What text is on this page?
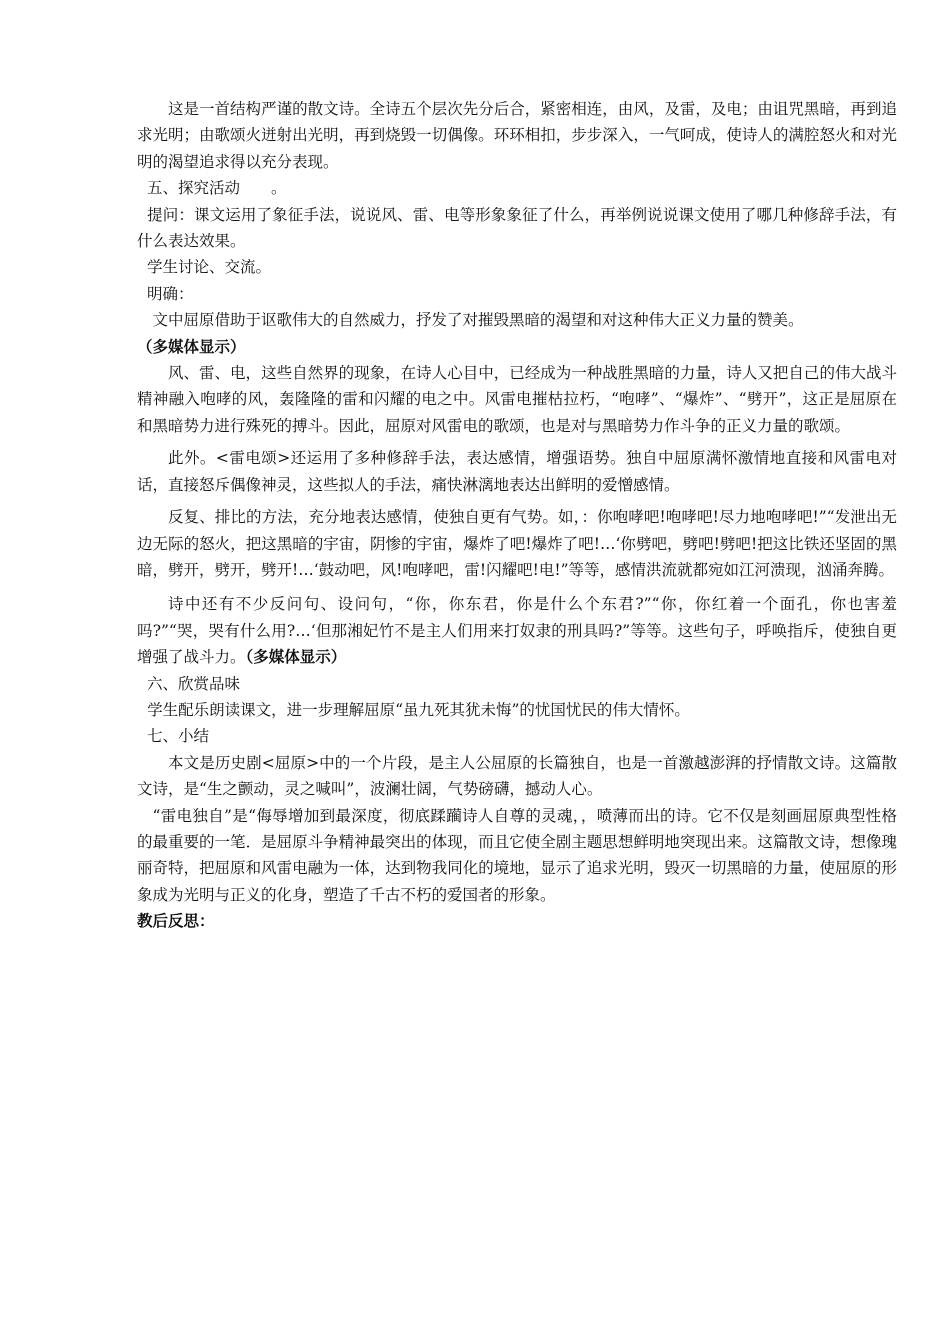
这是一首结构严谨的散文诗。全诗五个层次先分后合，紧密相连，由风，及雷，及电；由诅咒黑暗，再到追求光明；由歌颂火迸射出光明，再到烧毁一切偶像。环环相扣，步步深入，一气呵成，使诗人的满腔怒火和对光明的渴望追求得以充分表现。

五、探究活动　　。

提问：课文运用了象征手法，说说风、雷、电等形象象征了什么，再举例说说课文使用了哪几种修辞手法，有什么表达效果。

学生讨论、交流。

明确：

文中屈原借助于讴歌伟大的自然威力，抒发了对摧毁黑暗的渴望和对这种伟大正义力量的赞美。

（多媒体显示）

风、雷、电，这些自然界的现象，在诗人心目中，已经成为一种战胜黑暗的力量，诗人又把自己的伟大战斗精神融入咆哮的风，轰隆隆的雷和闪耀的电之中。风雷电摧枯拉朽，“咆哮”、“爆炸”、“劈开”，这正是屈原在和黑暗势力进行殊死的搏斗。因此，屈原对风雷电的歌颂，也是对与黑暗势力作斗争的正义力量的歌颂。

此外。<雷电颂>还运用了多种修辞手法，表达感情，增强语势。独自中屈原满怀激情地直接和风雷电对话，直接怒斥偶像神灵，这些拟人的手法，痛快淋漓地表达出鲜明的爱憎感情。

反复、排比的方法，充分地表达感情，使独自更有气势。如，：你咆哮吧!咆哮吧!尽力地咆哮吧!”“发泄出无边无际的怒火，把这黑暗的宇宙，阴惨的宇宙，爆炸了吧!爆炸了吧!…‘你劈吧，劈吧!劈吧!把这比铁还坚固的黑暗，劈开，劈开，劈开!…‘鼓动吧，风!咆哮吧，雷!闪耀吧!电!”等等，感情洪流就都宛如江河溃现，汹涌奔腾。

诗中还有不少反问句、设问句，“你，你东君，你是什么个东君?”“你，你红着一个面孔，你也害羞吗?”“哭，哭有什么用?…‘但那湘妃竹不是主人们用来打奴隶的刑具吗?”等等。这些句子，呼唤指斥，使独自更增强了战斗力。（多媒体显示）

六、欣赏品味

学生配乐朗读课文，进一步理解屈原“虽九死其犹未悔”的忧国忧民的伟大情怀。

七、小结

本文是历史剧<屈原>中的一个片段，是主人公屈原的长篇独自，也是一首激越澎湃的抒情散文诗。这篇散文诗，是“生之颤动，灵之喊叫”，波澜壮阔，气势磅礴，撼动人心。

“雷电独自”是“侮辱增加到最深度，彻底蹂躏诗人自尊的灵魂，，喷薄而出的诗。它不仅是刻画屈原典型性格的最重要的一笔．是屈原斗争精神最突出的体现，而且它使全剧主题思想鲜明地突现出来。这篇散文诗，想像瑰丽奇特，把屈原和风雷电融为一体，达到物我同化的境地，显示了追求光明，毁灭一切黑暗的力量，使屈原的形象成为光明与正义的化身，塑造了千古不朽的爱国者的形象。

教后反思：
